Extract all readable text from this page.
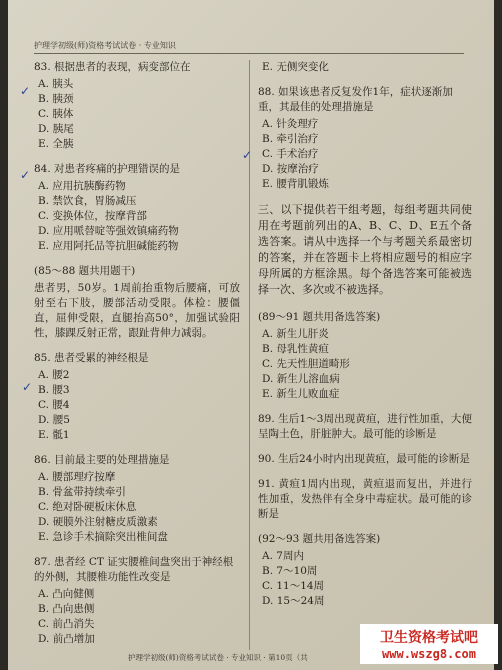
护理学初级(师)资格考试试卷 · 专业知识
83. 根据患者的表现，病变部位在
A. 胰头
B. 胰颈
C. 胰体
D. 胰尾
E. 全胰
84. 对患者疼痛的护理错误的是
A. 应用抗胰酶药物
B. 禁饮食，胃肠减压
C. 变换体位，按摩背部
D. 应用哌替啶等强效镇痛药物
E. 应用阿托品等抗胆碱能药物
(85～88 题共用题干)
患者男，50岁。1周前抬重物后腰痛，可放射至右下肢，腰部活动受限。体检：腰僵直，屈伸受限，直腿抬高50°，加强试验阳性，膝踝反射正常，跟趾背伸力减弱。
85. 患者受累的神经根是
A. 腰2
B. 腰3
C. 腰4
D. 腰5
E. 骶1
86. 目前最主要的处理措施是
A. 腰部理疗按摩
B. 骨盆带持续牵引
C. 绝对卧硬板床休息
D. 硬膜外注射糖皮质激素
E. 急诊手术摘除突出椎间盘
87. 患者经 CT 证实腰椎间盘突出于神经根的外侧，其腰椎功能性改变是
A. 凸向健侧
B. 凸向患侧
C. 前凸消失
D. 前凸增加
E. 无侧突变化
88. 如果该患者反复发作1年，症状逐渐加重，其最佳的处理措施是
A. 针灸理疗
B. 牵引治疗
C. 手术治疗
D. 按摩治疗
E. 腰背肌锻炼
三、以下提供若干组考题，每组考题共同使用在考题前列出的A、B、C、D、E五个备选答案。请从中选择一个与考题关系最密切的答案，并在答题卡上将相应题号的相应字母所属的方框涂黑。每个备选答案可能被选择一次、多次或不被选择。
(89～91 题共用备选答案)
A. 新生儿肝炎
B. 母乳性黄疸
C. 先天性胆道畸形
D. 新生儿溶血病
E. 新生儿败血症
89. 生后1～3周出现黄疸，进行性加重，大便呈陶土色，肝脏肿大。最可能的诊断是
90. 生后24小时内出现黄疸，最可能的诊断是
91. 黄疸1周内出现，黄疸退而复出，并进行性加重，发热伴有全身中毒症状。最可能的诊断是
(92～93 题共用备选答案)
A. 7周内
B. 7～10周
C. 11～14周
D. 15～24周
✓
✓
✓
✓
护理学初级(师)资格考试试卷 · 专业知识 · 第10页（共
卫生资格考试吧
www.wszg8.com
